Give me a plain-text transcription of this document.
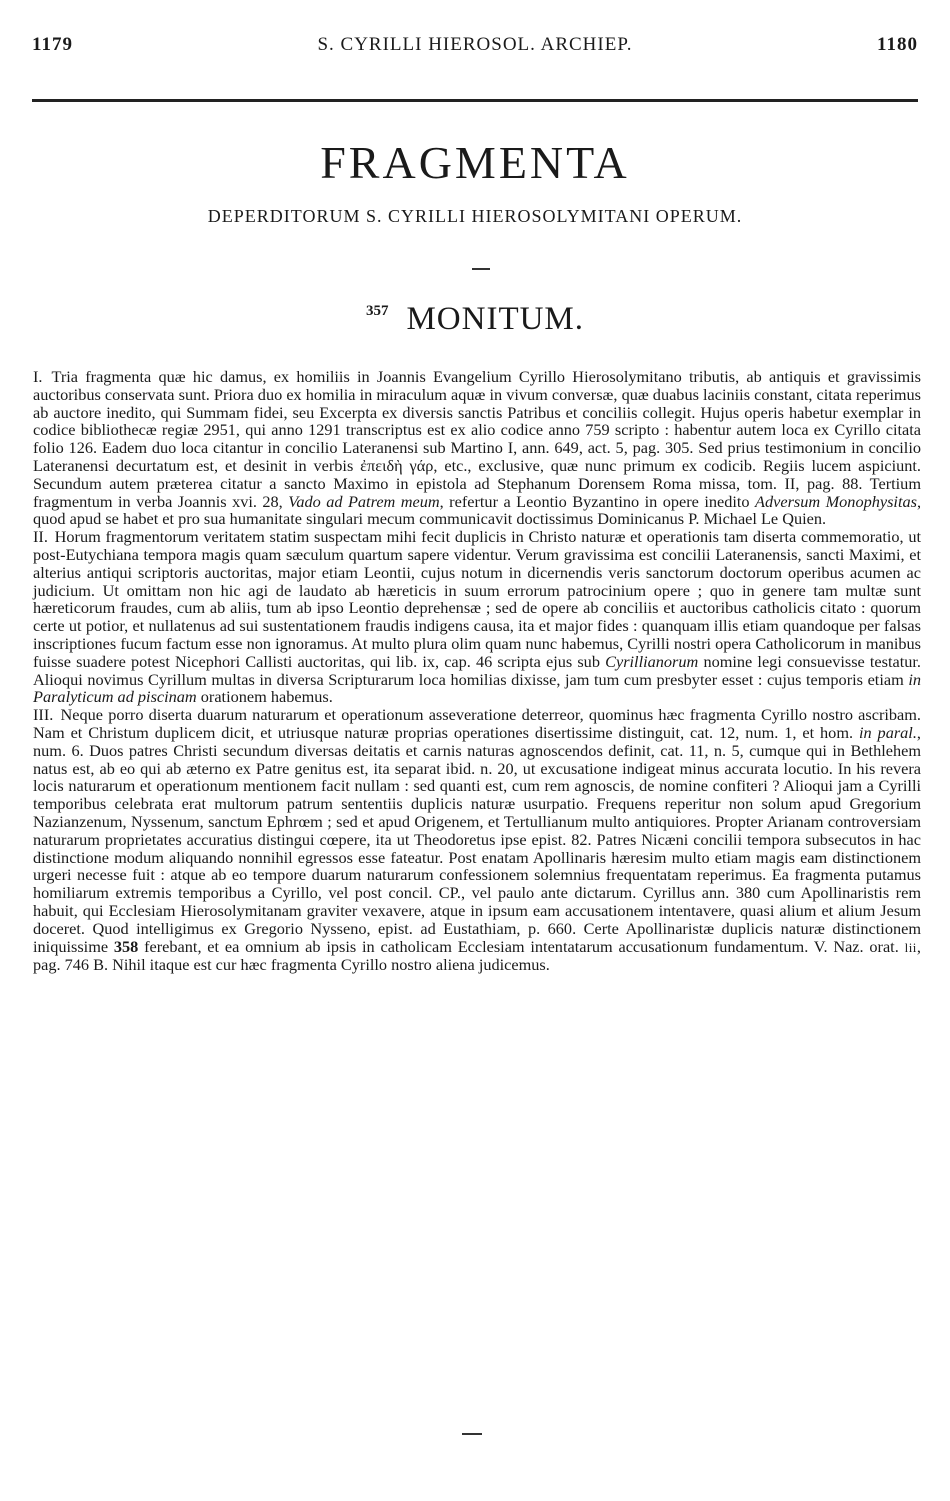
1179	S. CYRILLI HIEROSOL. ARCHIEP.	1180
FRAGMENTA
DEPERDITORUM S. CYRILLI HIEROSOLYMITANI OPERUM.
357 MONITUM.

I. Tria fragmenta quæ hic damus, ex homiliis in Joannis Evangelium Cyrillo Hierosolymitano tributis, ab antiquis et gravissimis auctoribus conservata sunt. Priora duo ex homilia in miraculum aquæ in vivum conversæ, quæ duabus laciniis constant, citata reperimus ab auctore inedito, qui Summam fidei, seu Excerpta ex diversis sanctis Patribus et conciliis collegit. Hujus operis habetur exemplar in codice bibliothecæ regiæ 2951, qui anno 1291 transcriptus est ex alio codice anno 759 scripto : habentur autem loca ex Cyrillo citata folio 126. Eadem duo loca citantur in concilio Lateranensi sub Martino I, ann. 649, act. 5, pag. 305. Sed prius testimonium in concilio Lateranensi decurtatum est, et desinit in verbis ἐπειδὴ γάρ, etc., exclusive, quæ nunc primum ex codicib. Regiis lucem aspiciunt. Secundum autem prætereа citatur a sancto Maximo in epistola ad Stephanum Dorensem Roma missa, tom. II, pag. 88. Tertium fragmentum in verba Joannis xvi. 28, Vado ad Patrem meum, refertur a Leontio Byzantino in opere inedito Adversum Monophysitas, quod apud se habet et pro sua humanitate singulari mecum communicavit doctissimus Dominicanus P. Michael Le Quien.

II. Horum fragmentorum veritatem statim suspectam mihi fecit duplicis in Christo naturæ et operationis tam diserta commemoratio, ut post-Eutychiana tempora magis quam sæculum quartum sapere videntur. Verum gravissima est concilii Lateranensis, sancti Maximi, et alterius antiqui scriptoris auctoritas, major etiam Leontii, cujus notum in dicernendis veris sanctorum doctorum operibus acumen ac judicium. Ut omittam non hic agi de laudato ab hæreticis in suum errorum patrocinium opere ; quo in genere tam multæ sunt hæreticorum fraudes, cum ab aliis, tum ab ipso Leontio deprehensæ ; sed de opere ab conciliis et auctoribus catholicis citato : quorum certe ut potior, et nullatenus ad sui sustentationem fraudis indigens causa, ita et major fides : quanquam illis etiam quandoque per falsas inscriptiones fucum factum esse non ignoramus. At multo plura olim quam nunc habemus, Cyrilli nostri opera Catholicorum in manibus fuisse suadere potest Nicephori Callisti auctoritas, qui lib. ix, cap. 46 scripta ejus sub Cyrillianorum nomine legi consuevisse testatur. Alioqui novimus Cyrillum multas in diversa Scripturarum loca homilias dixisse, jam tum cum presbyter esset : cujus temporis etiam in Paralyticum ad piscinam orationem habemus.

III. Neque porro diserta duarum naturarum et operationum asseveratione deterreor, quominus hæc fragmenta Cyrillo nostro ascribam. Nam et Christum duplicem dicit, et utriusque naturæ proprias operationes disertissime distinguit, cat. 12, num. 1, et hom. in paral., num. 6. Duos patres Christi secundum diversas deitatis et carnis naturas agnoscendos definit, cat. 11, n. 5, cumque qui in Bethlehem natus est, ab eo qui ab æterno ex Patre genitus est, ita separat ibid. n. 20, ut excusatione indigeat minus accurata locutio. In his revera locis naturarum et operationum mentionem facit nullam : sed quanti est, cum rem agnoscis, de nomine confiteri ? Alioqui jam a Cyrilli temporibus celebrata erat multorum patrum sententiis duplicis naturæ usurpatio. Frequens reperitur non solum apud Gregorium Nazianzenum, Nyssenum, sanctum Ephrœm ; sed et apud Origenem, et Tertullianum multo antiquiores. Propter Arianam controversiam naturarum proprietates accuratius distingui cœpere, ita ut Theodoretus ipse epist. 82. Patres Nicæni concilii tempora subsecutos in hac distinctione modum aliquando nonnihil egressos esse fateatur. Post enatam Apollinaris hæresim multo etiam magis eam distinctionem urgeri necesse fuit : atque ab eo tempore duarum naturarum confessionem solemnius frequentatam reperimus. Ea fragmenta putamus homiliarum extremis temporibus a Cyrillo, vel post concil. CP., vel paulo ante dictarum. Cyrillus ann. 380 cum Apollinaristis rem habuit, qui Ecclesiam Hierosolymitanam graviter vexavere, atque in ipsum eam accusationem intentavere, quasi alium et alium Jesum doceret. Quod intelligimus ex Gregorio Nysseno, epist. ad Eustathiam, p. 660. Certe Apollinaristæ duplicis naturæ distinctionem iniquissime 358 ferebant, et ea omnium ab ipsis in catholicam Ecclesiam intentatarum accusationum fundamentum. V. Naz. orat. lii, pag. 746 B. Nihil itaque est cur hæc fragmenta Cyrillo nostro aliena judicemus.
